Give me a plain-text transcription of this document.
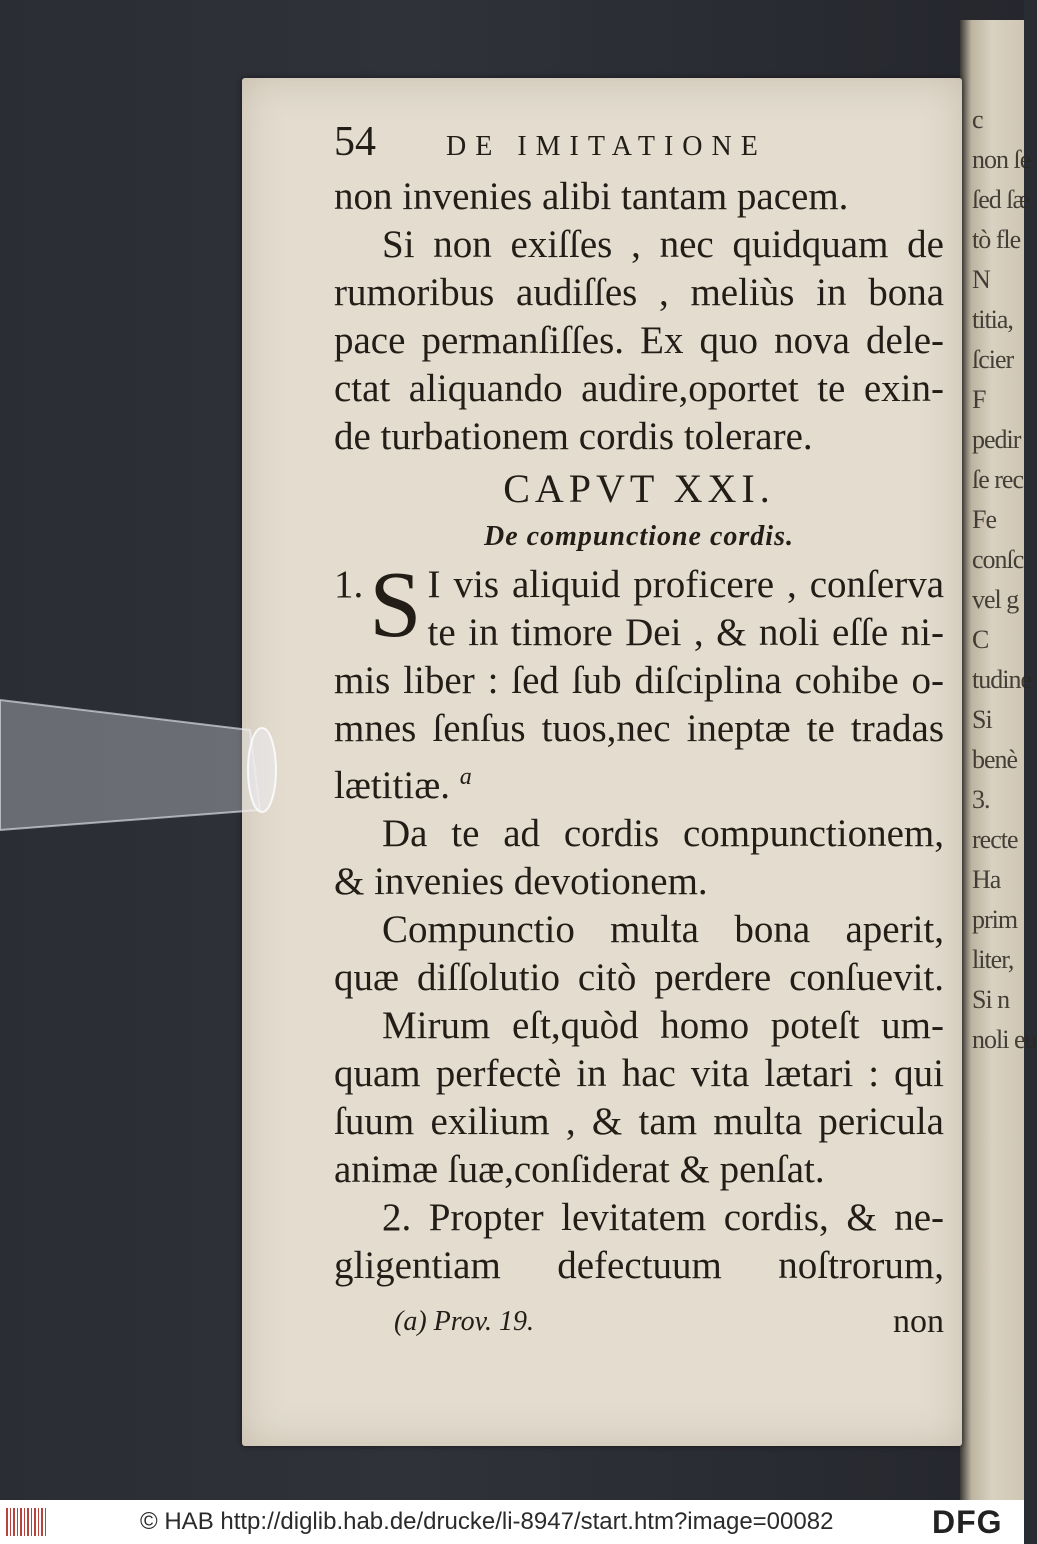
c
non ſe
ſed ſæ
tò fle
N
titia,
ſcier
F
pedir
ſe rec
Fe
conſc
vel g
C
tudine
Si
benè
3.
recte
Ha
prim
liter,
Si n
noli eu
54	DE IMITATIONE
non invenies alibi tantam pacem.
Si non exiſſes , nec quidquam de
rumoribus audiſſes , meliùs in bona
pace permanſiſſes. Ex quo nova dele-
ctat aliquando audire,oportet te exin-
de turbationem cordis tolerare.
CAPVT XXI.
De compunctione cordis.
1. S I vis aliquid proficere , conſerva
te in timore Dei , & noli eſſe ni-
mis liber : ſed ſub diſciplina cohibe o-
mnes ſenſus tuos,nec ineptæ te tradas
lætitiæ. $^a$
Da te ad cordis compunctionem,
& invenies devotionem.
Compunctio multa bona aperit,
quæ diſſolutio citò perdere conſuevit.
Mirum eſt,quòd homo poteſt um-
quam perfectè in hac vita lætari : qui
ſuum exilium , & tam multa pericula
animæ ſuæ,conſiderat & penſat.
2. Propter levitatem cordis, & ne-
gligentiam defectuum noſtrorum,
(a) Prov. 19.	non
© HAB http://diglib.hab.de/drucke/li-8947/start.htm?image=00082	DFG
